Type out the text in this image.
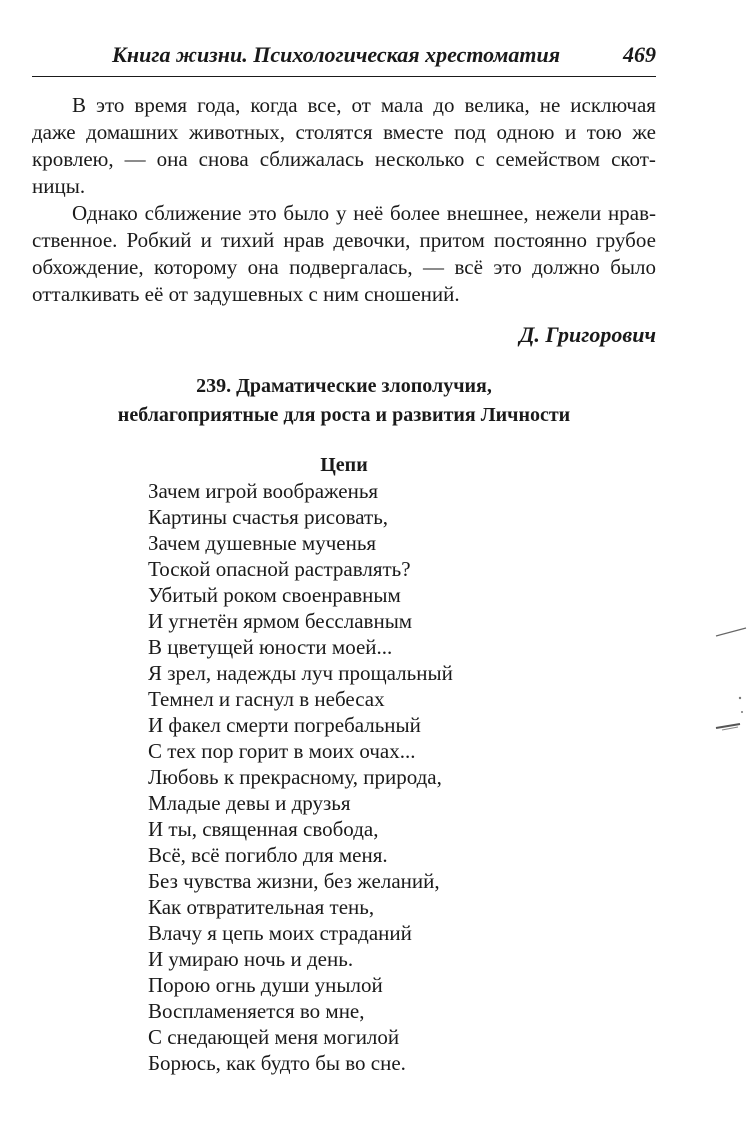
Книга жизни. Психологическая хрестоматия	469
В это время года, когда все, от мала до велика, не исключая
даже домашних животных, столятся вместе под одною и тою же
кровлею, — она снова сближалась несколько с семейством скот-
ницы.
Однако сближение это было у неё более внешнее, нежели нрав-
ственное. Робкий и тихий нрав девочки, притом постоянно грубое
обхождение, которому она подвергалась, — всё это должно было
отталкивать её от задушевных с ним сношений.
Д. Григорович
239. Драматические злополучия,
неблагоприятные для роста и развития Личности
Цепи
Зачем игрой воображенья
Картины счастья рисовать,
Зачем душевные мученья
Тоской опасной растравлять?
Убитый роком своенравным
И угнетён ярмом бесславным
В цветущей юности моей...
Я зрел, надежды луч прощальный
Темнел и гаснул в небесах
И факел смерти погребальный
С тех пор горит в моих очах...
Любовь к прекрасному, природа,
Младые девы и друзья
И ты, священная свобода,
Всё, всё погибло для меня.
Без чувства жизни, без желаний,
Как отвратительная тень,
Влачу я цепь моих страданий
И умираю ночь и день.
Порою огнь души унылой
Воспламеняется во мне,
С снедающей меня могилой
Борюсь, как будто бы во сне.
